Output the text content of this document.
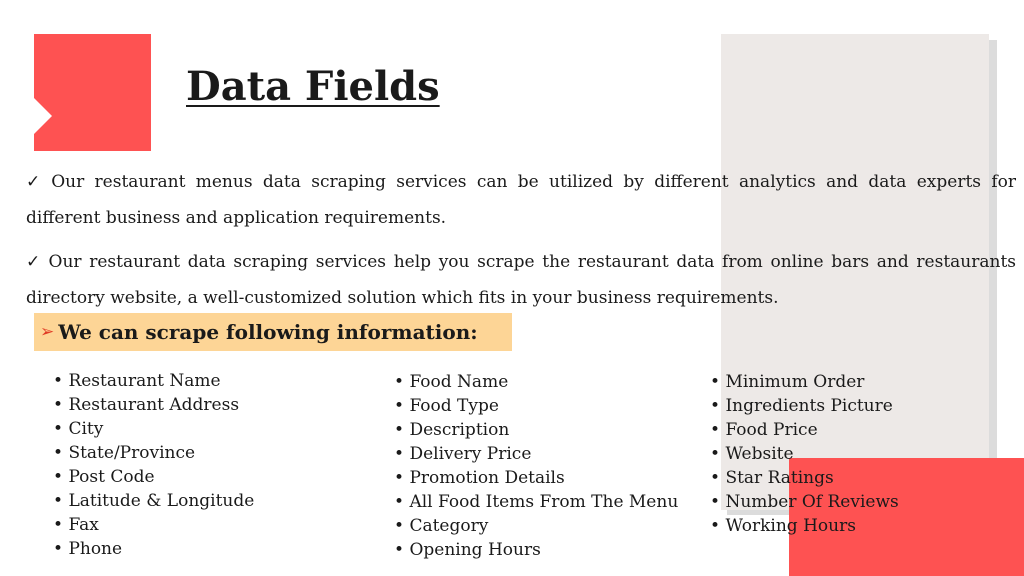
Data Fields

✓ Our restaurant menus data scraping services can be utilized by different analytics and data experts for different business and application requirements.

✓ Our restaurant data scraping services help you scrape the restaurant data from online bars and restaurants directory website, a well-customized solution which fits in your business requirements.

➢ We can scrape following information:
• Restaurant Name
• Restaurant Address
• City
• State/Province
• Post Code
• Latitude & Longitude
• Fax
• Phone
• Food Name
• Food Type
• Description
• Delivery Price
• Promotion Details
• All Food Items From The Menu
• Category
• Opening Hours
• Minimum Order
• Ingredients Picture
• Food Price
• Website
• Star Ratings
• Number Of Reviews
• Working Hours
